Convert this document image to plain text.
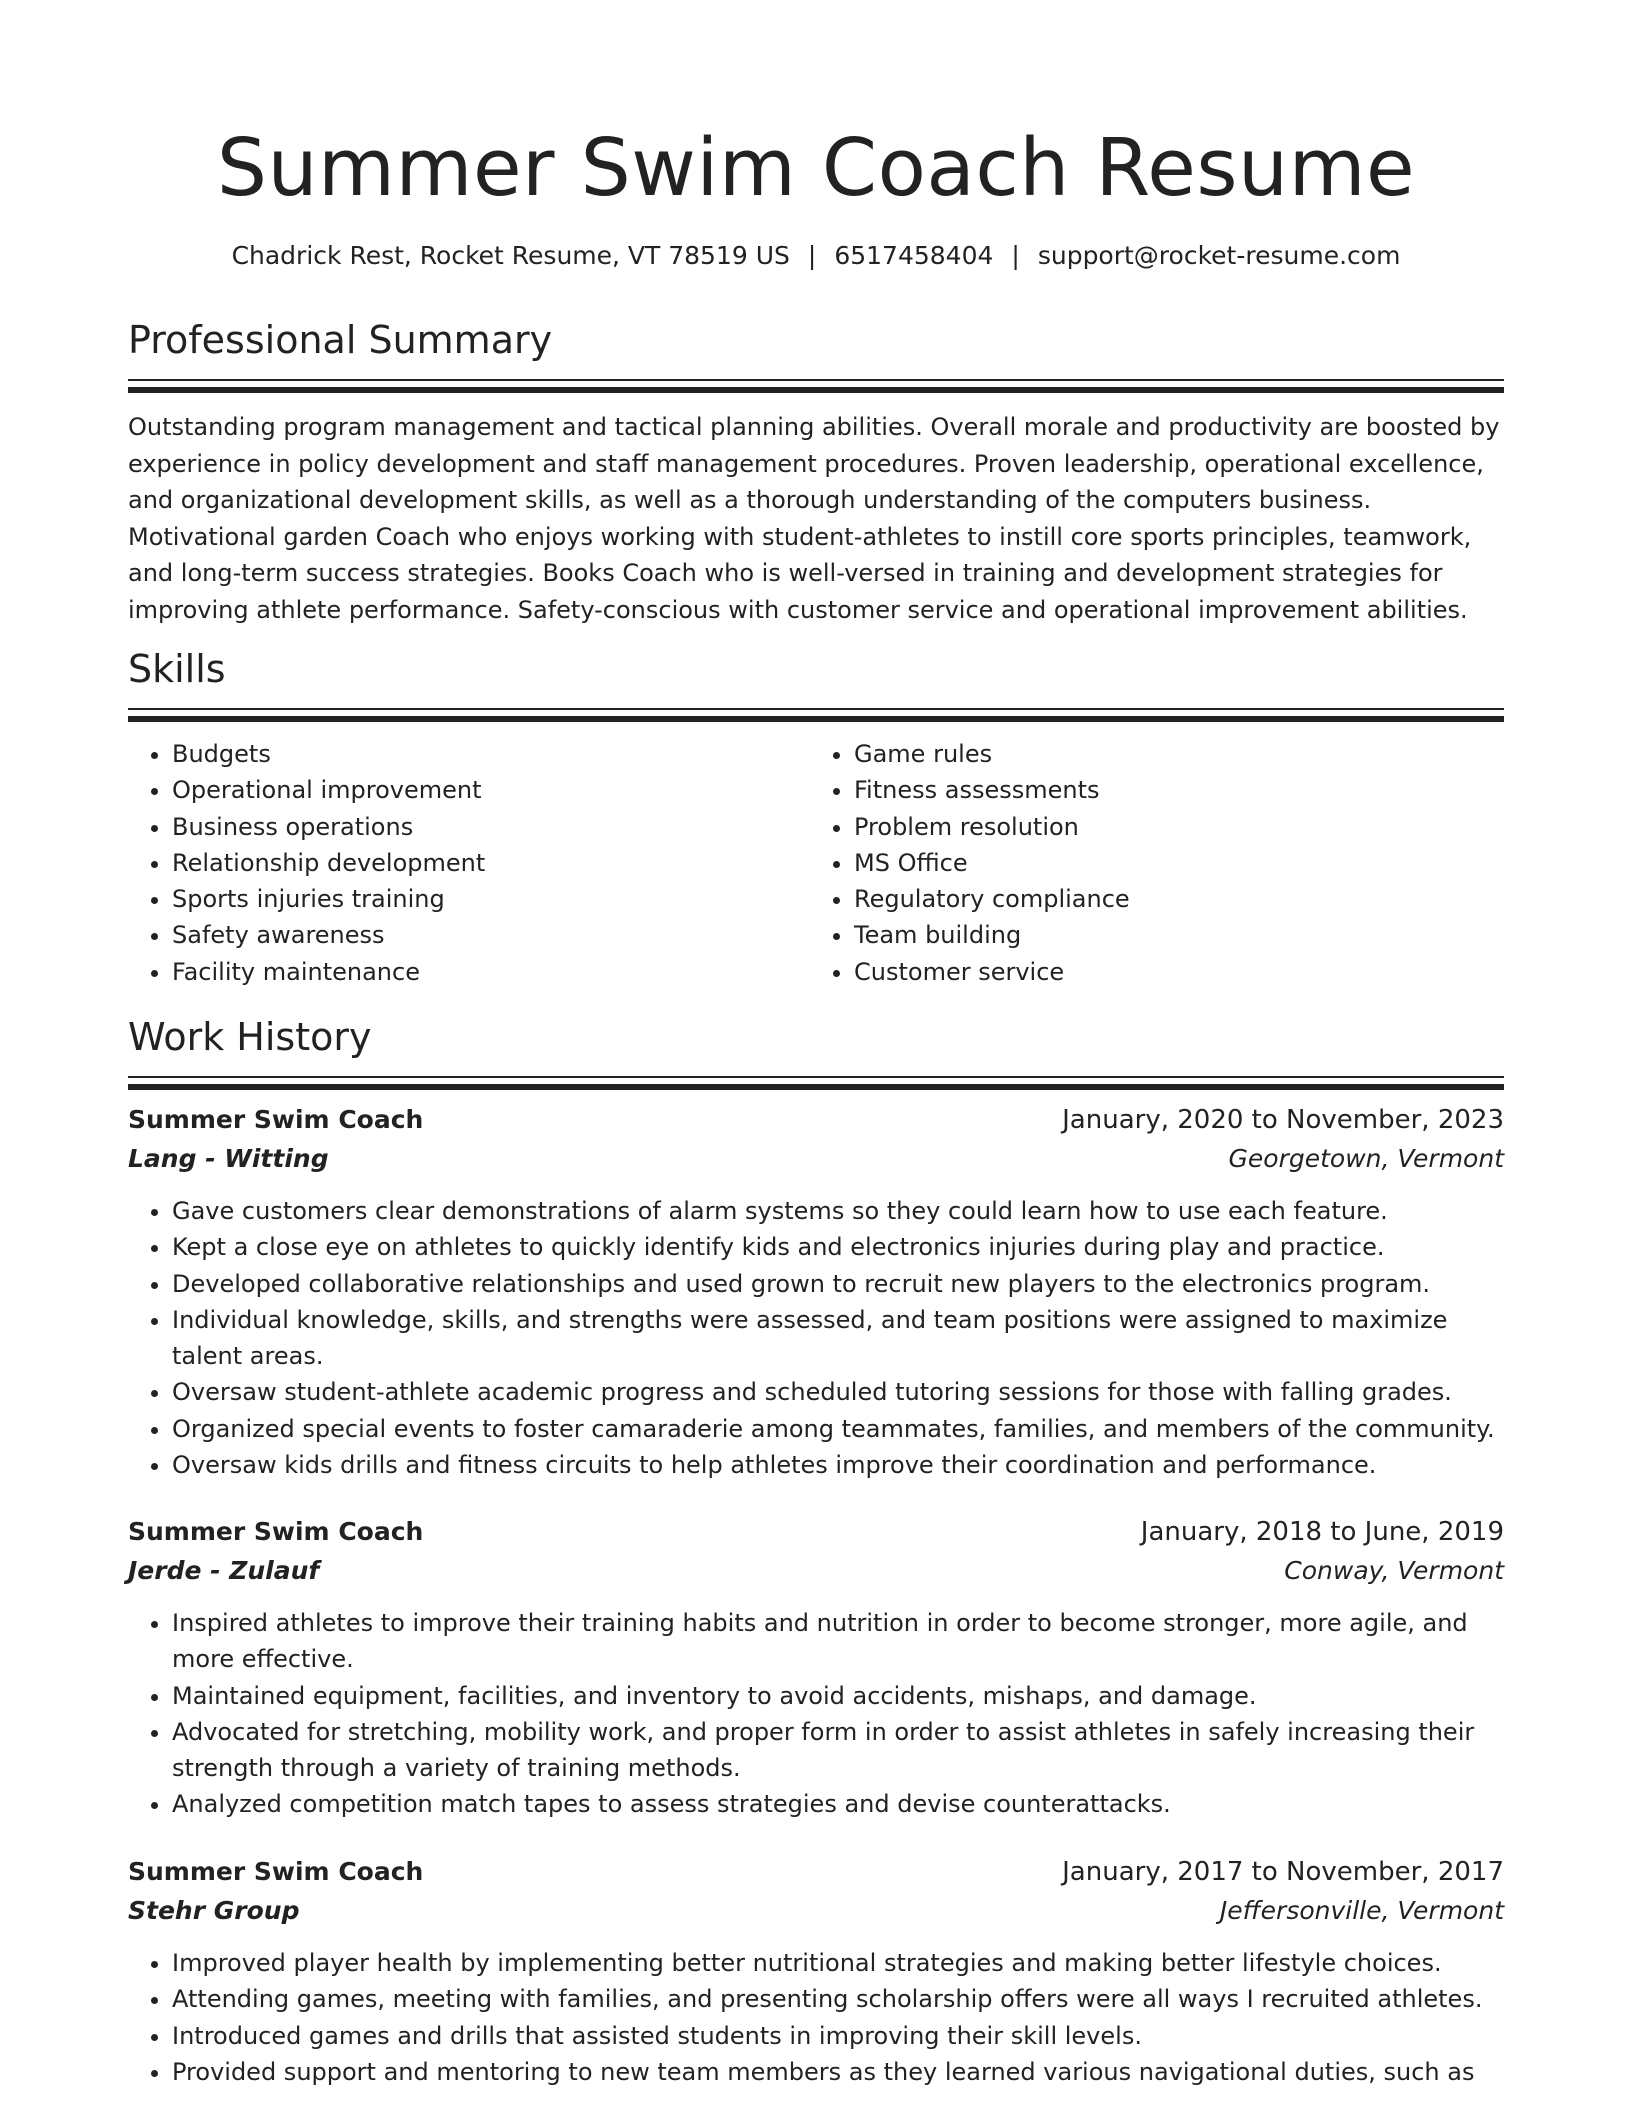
Summer Swim Coach Resume
Chadrick Rest, Rocket Resume, VT 78519 US | 6517458404 | support@rocket-resume.com
Professional Summary
Outstanding program management and tactical planning abilities. Overall morale and productivity are boosted by experience in policy development and staff management procedures. Proven leadership, operational excellence, and organizational development skills, as well as a thorough understanding of the computers business. Motivational garden Coach who enjoys working with student-athletes to instill core sports principles, teamwork, and long-term success strategies. Books Coach who is well-versed in training and development strategies for improving athlete performance. Safety-conscious with customer service and operational improvement abilities.
Skills
• Budgets
• Operational improvement
• Business operations
• Relationship development
• Sports injuries training
• Safety awareness
• Facility maintenance
• Game rules
• Fitness assessments
• Problem resolution
• MS Office
• Regulatory compliance
• Team building
• Customer service
Work History
Summer Swim Coach	January, 2020 to November, 2023
Lang - Witting	Georgetown, Vermont
• Gave customers clear demonstrations of alarm systems so they could learn how to use each feature.
• Kept a close eye on athletes to quickly identify kids and electronics injuries during play and practice.
• Developed collaborative relationships and used grown to recruit new players to the electronics program.
• Individual knowledge, skills, and strengths were assessed, and team positions were assigned to maximize talent areas.
• Oversaw student-athlete academic progress and scheduled tutoring sessions for those with falling grades.
• Organized special events to foster camaraderie among teammates, families, and members of the community.
• Oversaw kids drills and fitness circuits to help athletes improve their coordination and performance.
Summer Swim Coach	January, 2018 to June, 2019
Jerde - Zulauf	Conway, Vermont
• Inspired athletes to improve their training habits and nutrition in order to become stronger, more agile, and more effective.
• Maintained equipment, facilities, and inventory to avoid accidents, mishaps, and damage.
• Advocated for stretching, mobility work, and proper form in order to assist athletes in safely increasing their strength through a variety of training methods.
• Analyzed competition match tapes to assess strategies and devise counterattacks.
Summer Swim Coach	January, 2017 to November, 2017
Stehr Group	Jeffersonville, Vermont
• Improved player health by implementing better nutritional strategies and making better lifestyle choices.
• Attending games, meeting with families, and presenting scholarship offers were all ways I recruited athletes.
• Introduced games and drills that assisted students in improving their skill levels.
• Provided support and mentoring to new team members as they learned various navigational duties, such as
